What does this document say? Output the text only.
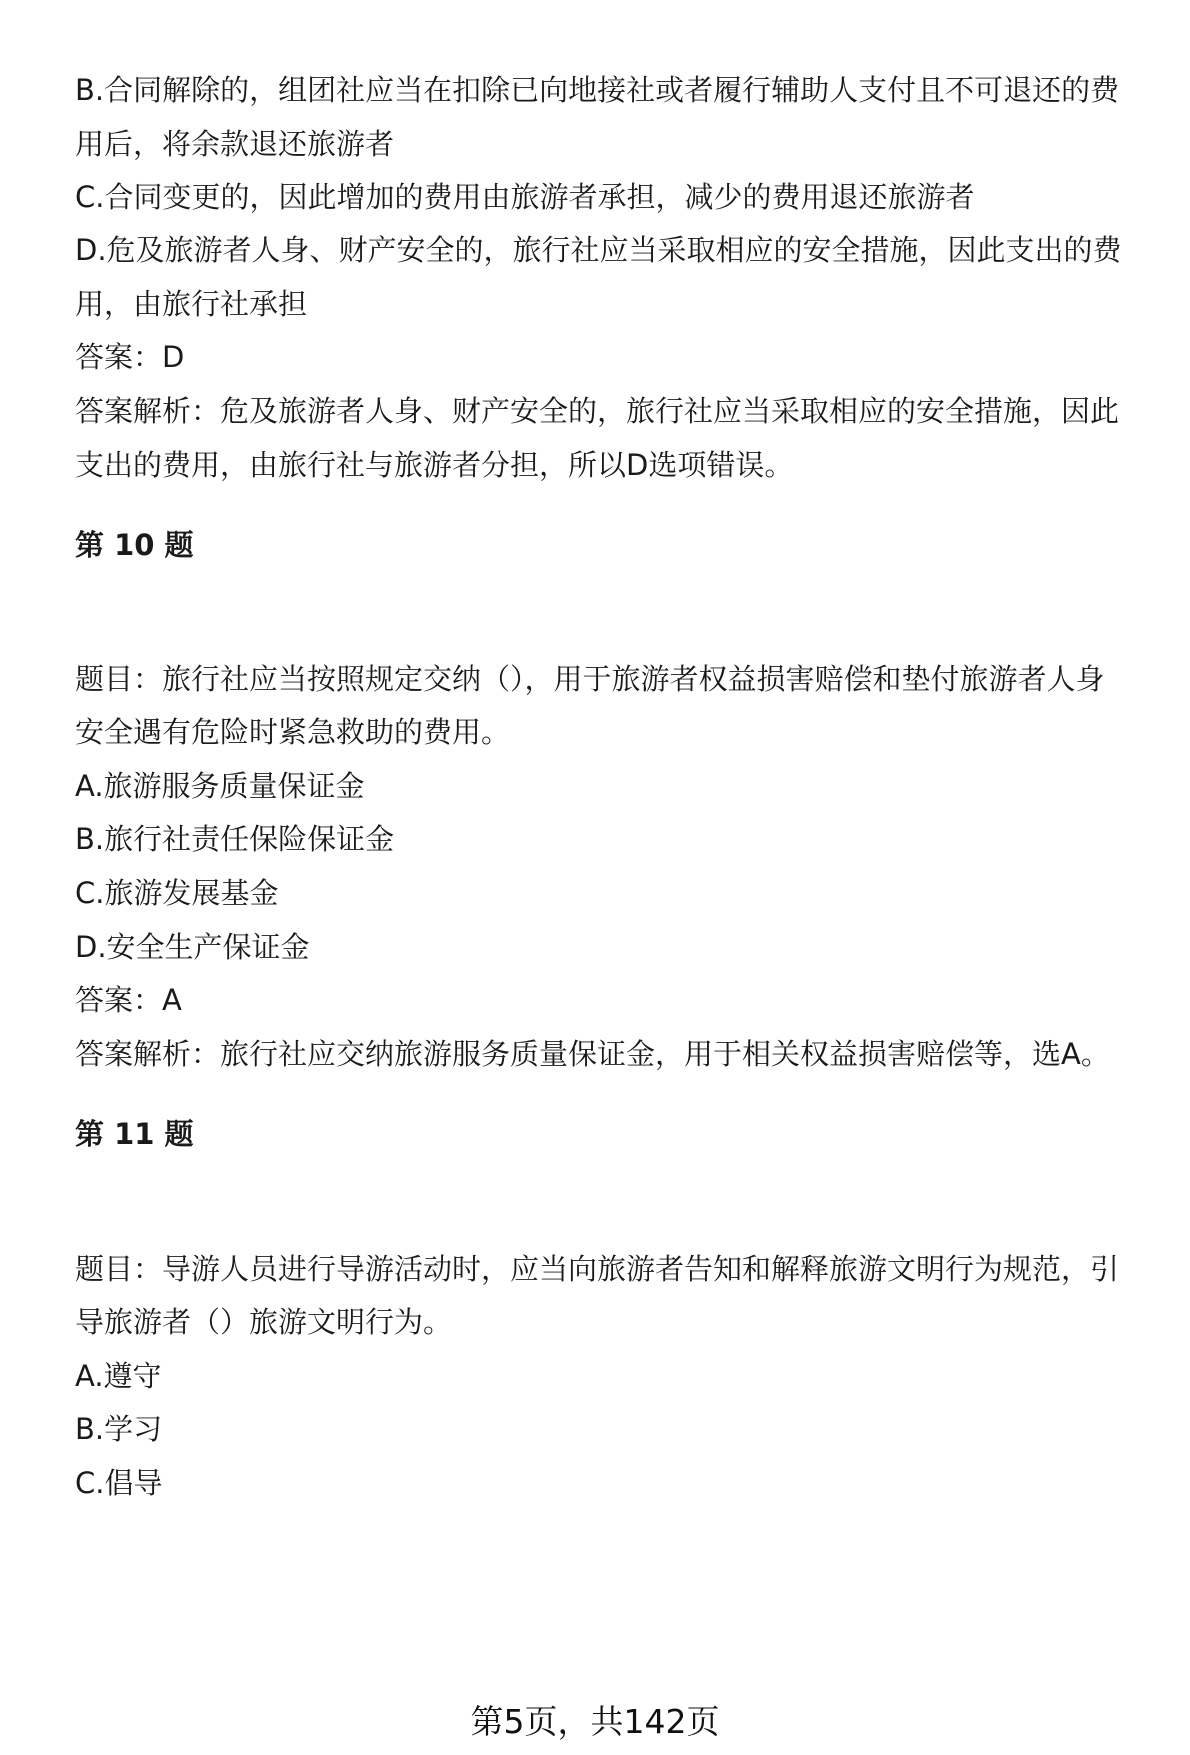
B.合同解除的，组团社应当在扣除已向地接社或者履行辅助人支付且不可退还的费
用后，将余款退还旅游者
C.合同变更的，因此增加的费用由旅游者承担，减少的费用退还旅游者
D.危及旅游者人身、财产安全的，旅行社应当采取相应的安全措施，因此支出的费
用，由旅行社承担
答案：D
答案解析：危及旅游者人身、财产安全的，旅行社应当采取相应的安全措施，因此
支出的费用，由旅行社与旅游者分担，所以D选项错误。
第 10 题
题目：旅行社应当按照规定交纳（），用于旅游者权益损害赔偿和垫付旅游者人身
安全遇有危险时紧急救助的费用。
A.旅游服务质量保证金
B.旅行社责任保险保证金
C.旅游发展基金
D.安全生产保证金
答案：A
答案解析：旅行社应交纳旅游服务质量保证金，用于相关权益损害赔偿等，选A。
第 11 题
题目：导游人员进行导游活动时，应当向旅游者告知和解释旅游文明行为规范，引
导旅游者（）旅游文明行为。
A.遵守
B.学习
C.倡导
第5页，共142页
